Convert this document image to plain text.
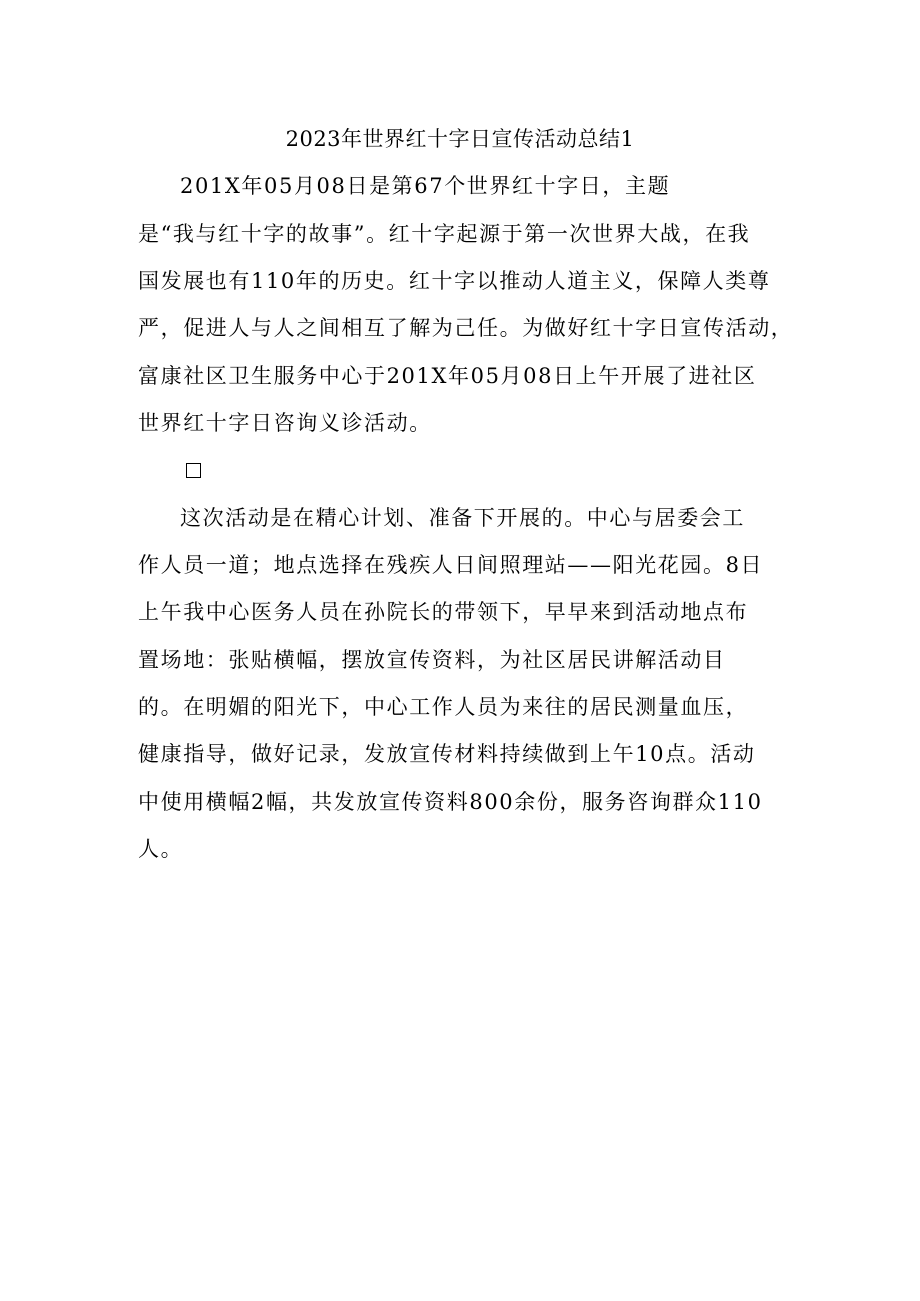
2023年世界红十字日宣传活动总结1
201X年05月08日是第67个世界红十字日，主题
是“我与红十字的故事”。红十字起源于第一次世界大战，在我
国发展也有110年的历史。红十字以推动人道主义，保障人类尊
严，促进人与人之间相互了解为己任。为做好红十字日宣传活动，
富康社区卫生服务中心于201X年05月08日上午开展了进社区
世界红十字日咨询义诊活动。
这次活动是在精心计划、准备下开展的。中心与居委会工
作人员一道；地点选择在残疾人日间照理站——阳光花园。8日
上午我中心医务人员在孙院长的带领下，早早来到活动地点布
置场地：张贴横幅，摆放宣传资料，为社区居民讲解活动目
的。在明媚的阳光下，中心工作人员为来往的居民测量血压，
健康指导，做好记录，发放宣传材料持续做到上午10点。活动
中使用横幅2幅，共发放宣传资料800余份，服务咨询群众110
人。
